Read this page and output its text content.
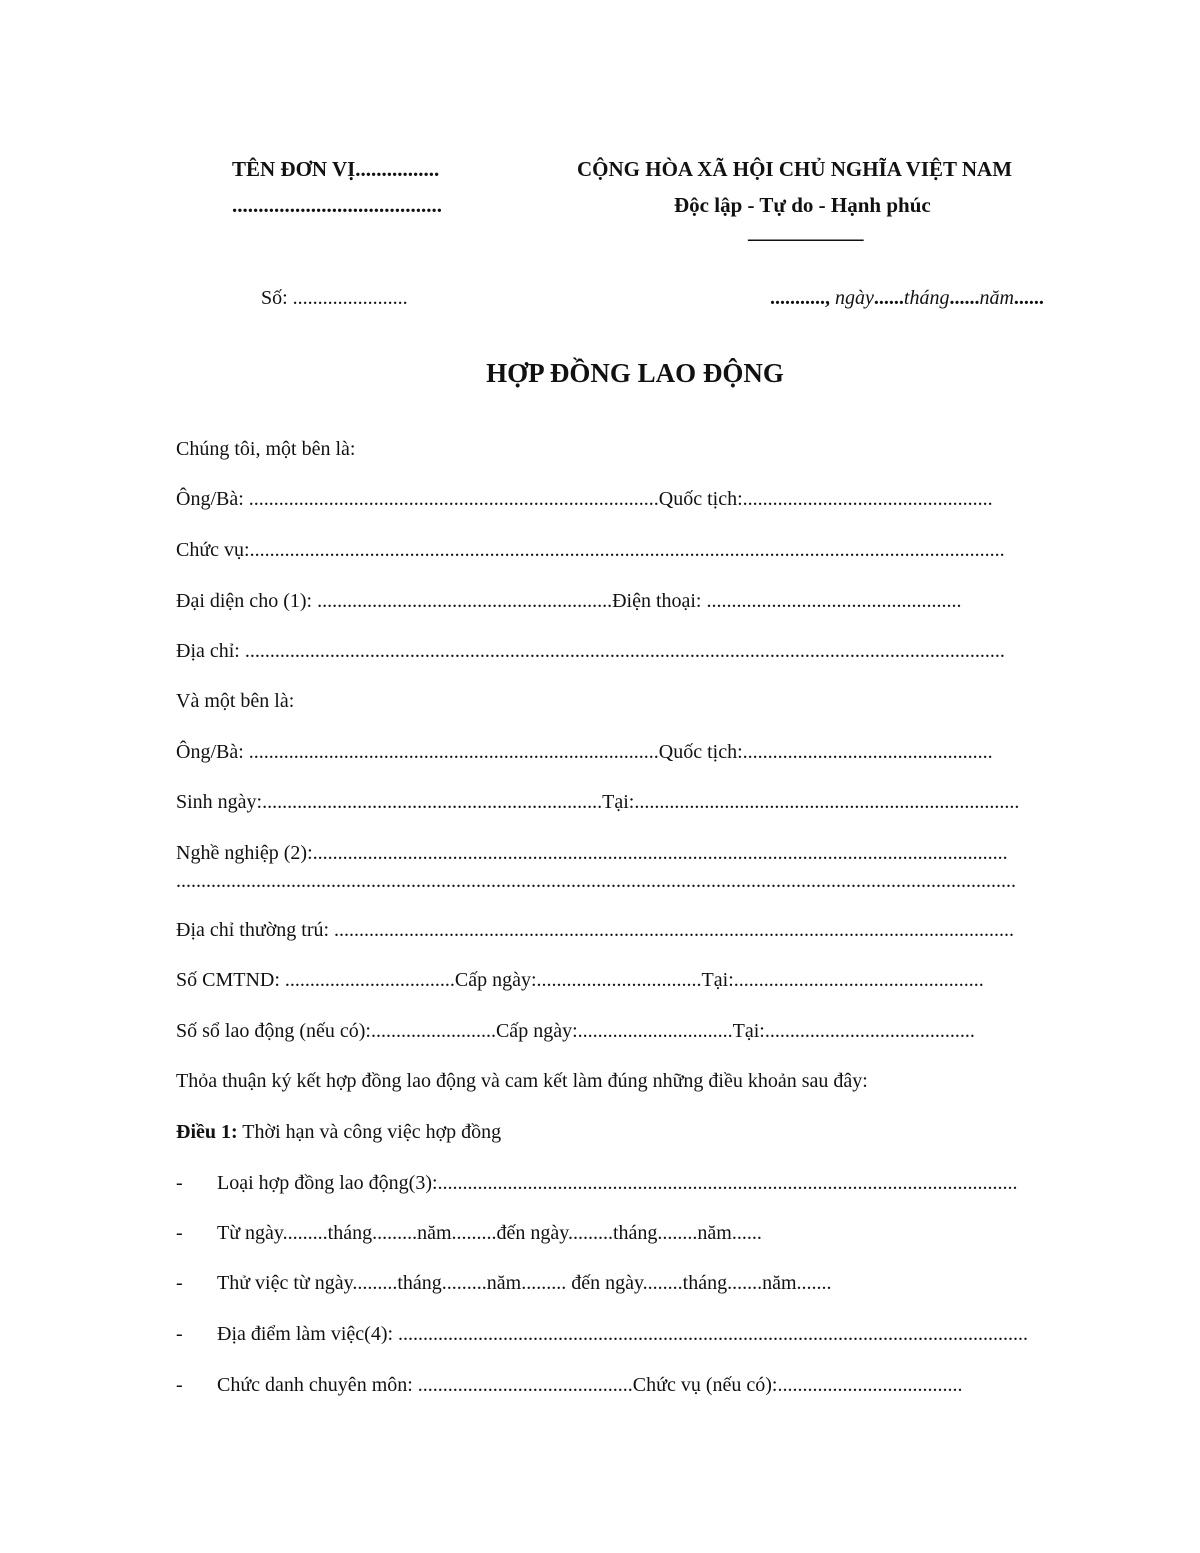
TÊN ĐƠN VỊ................
........................................
CỘNG HÒA XÃ HỘI CHỦ NGHĨA VIỆT NAM
Độc lập - Tự do - Hạnh phúc
___________
Số: .......................	..........., ngày......tháng......năm......
HỢP ĐỒNG LAO ĐỘNG
Chúng tôi, một bên là:
Ông/Bà: ..................................................................................Quốc tịch:..................................................
Chức vụ:.......................................................................................................................................................
Đại diện cho (1): ...........................................................Điện thoại: ...................................................
Địa chỉ: ........................................................................................................................................................
Và một bên là:
Ông/Bà: ..................................................................................Quốc tịch:..................................................
Sinh ngày:....................................................................Tại:.............................................................................
Nghề nghiệp (2):...........................................................................................................................................
........................................................................................................................................................................
Địa chỉ thường trú: ........................................................................................................................................
Số CMTND: ..................................Cấp ngày:.................................Tại:..................................................
Số sổ lao động (nếu có):.........................Cấp ngày:...............................Tại:..........................................
Thỏa thuận ký kết hợp đồng lao động và cam kết làm đúng những điều khoản sau đây:
Điều 1: Thời hạn và công việc hợp đồng
- Loại hợp đồng lao động(3):....................................................................................................................
- Từ ngày.........tháng.........năm.........đến ngày.........tháng........năm......
- Thử việc từ ngày.........tháng.........năm......... đến ngày........tháng.......năm.......
- Địa điểm làm việc(4): ..............................................................................................................................
- Chức danh chuyên môn: ...........................................Chức vụ (nếu có):.....................................
